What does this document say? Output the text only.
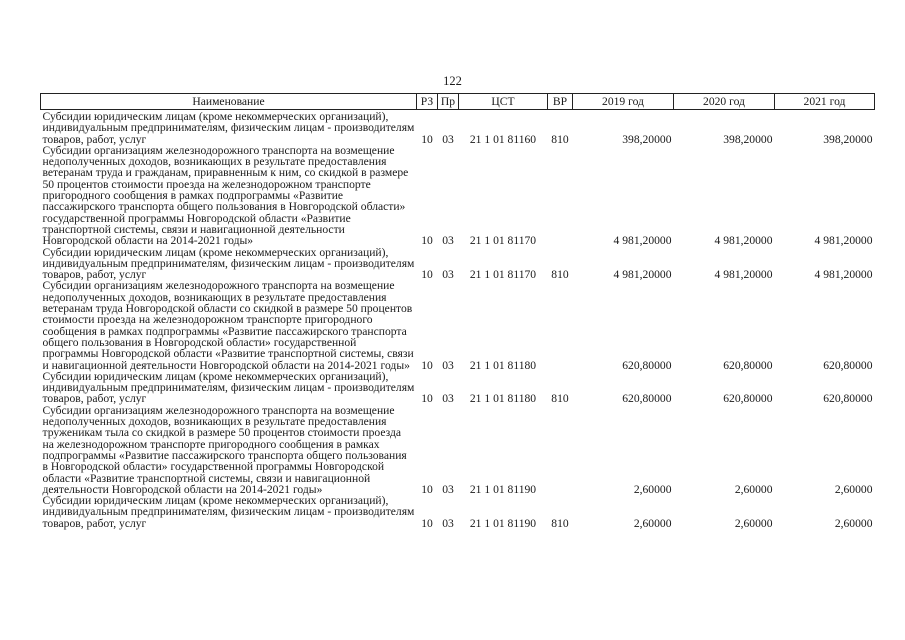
122
Наименование	РЗ	Пр	ЦСТ	ВР	2019 год	2020 год	2021 год
Субсидии юридическим лицам (кроме некоммерческих организаций), индивидуальным предпринимателям, физическим лицам - производителям товаров, работ, услуг	10	03	21 1 01 81160	810	398,20000	398,20000	398,20000
Субсидии организациям железнодорожного транспорта на возмещение недополученных доходов, возникающих в результате предоставления ветеранам труда и гражданам, приравненным к ним, со скидкой в размере 50 процентов стоимости проезда на железнодорожном транспорте пригородного сообщения в рамках подпрограммы «Развитие пассажирского транспорта общего пользования в Новгородской области» государственной программы Новгородской области «Развитие транспортной системы, связи и навигационной деятельности Новгородской области на 2014-2021 годы»	10	03	21 1 01 81170		4 981,20000	4 981,20000	4 981,20000
Субсидии юридическим лицам (кроме некоммерческих организаций), индивидуальным предпринимателям, физическим лицам - производителям товаров, работ, услуг	10	03	21 1 01 81170	810	4 981,20000	4 981,20000	4 981,20000
Субсидии организациям железнодорожного транспорта на возмещение недополученных доходов, возникающих в результате предоставления ветеранам труда Новгородской области со скидкой в размере 50 процентов стоимости проезда на железнодорожном транспорте пригородного сообщения в рамках подпрограммы «Развитие пассажирского транспорта общего пользования в Новгородской области» государственной программы Новгородской области «Развитие транспортной системы, связи и навигационной деятельности Новгородской области на 2014-2021 годы»	10	03	21 1 01 81180		620,80000	620,80000	620,80000
Субсидии юридическим лицам (кроме некоммерческих организаций), индивидуальным предпринимателям, физическим лицам - производителям товаров, работ, услуг	10	03	21 1 01 81180	810	620,80000	620,80000	620,80000
Субсидии организациям железнодорожного транспорта на возмещение недополученных доходов, возникающих в результате предоставления труженикам тыла со скидкой в размере 50 процентов стоимости проезда на железнодорожном транспорте пригородного сообщения в рамках подпрограммы «Развитие пассажирского транспорта общего пользования в Новгородской области» государственной программы Новгородской области «Развитие транспортной системы, связи и навигационной деятельности Новгородской области на 2014-2021 годы»	10	03	21 1 01 81190		2,60000	2,60000	2,60000
Субсидии юридическим лицам (кроме некоммерческих организаций), индивидуальным предпринимателям, физическим лицам - производителям товаров, работ, услуг	10	03	21 1 01 81190	810	2,60000	2,60000	2,60000
